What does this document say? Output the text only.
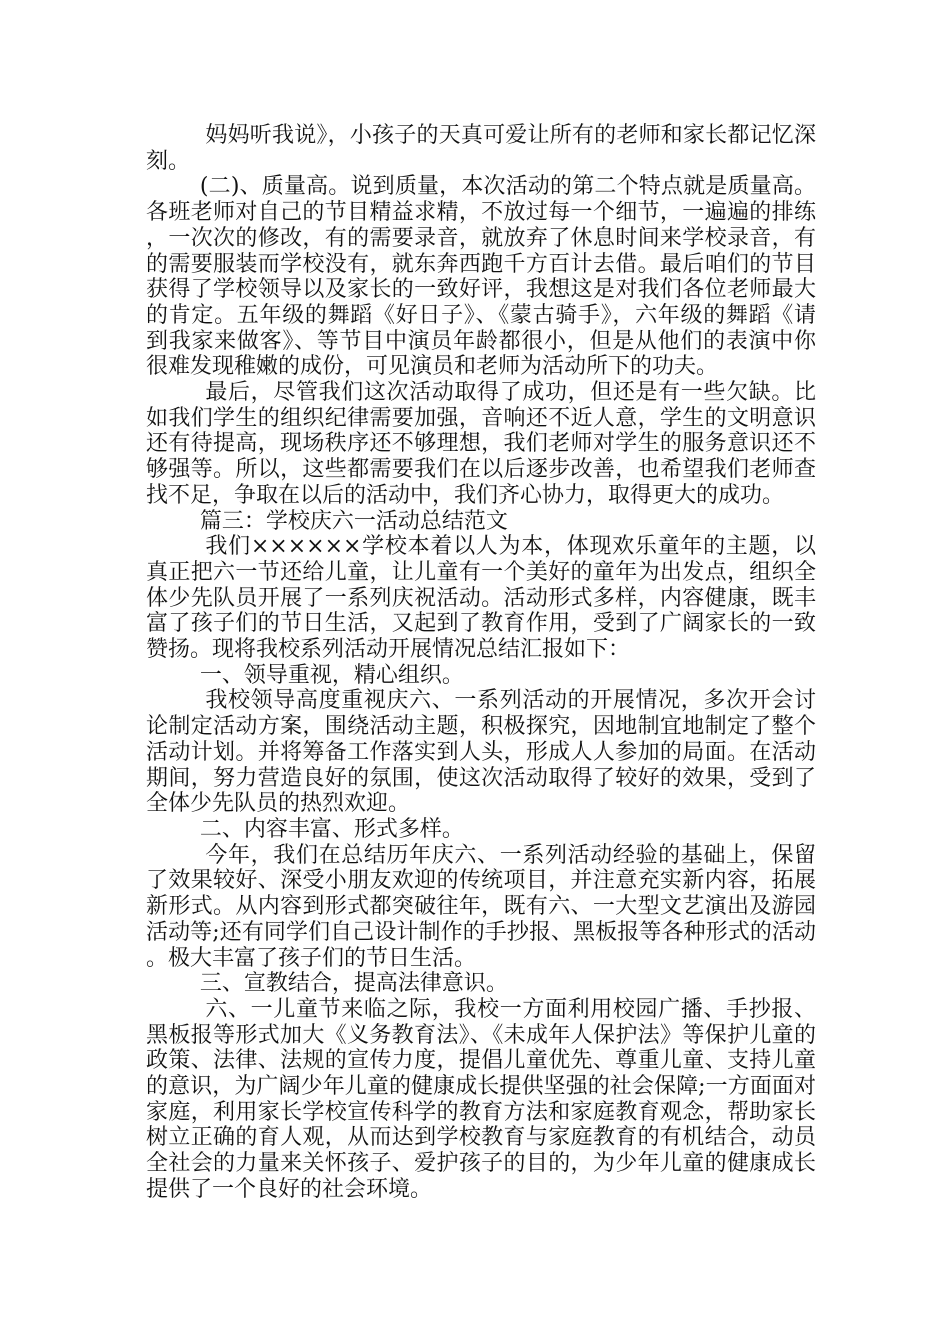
妈妈听我说》，小孩子的天真可爱让所有的老师和家长都记忆深刻。

(二)、质量高。说到质量，本次活动的第二个特点就是质量高。各班老师对自己的节目精益求精，不放过每一个细节，一遍遍的排练，一次次的修改，有的需要录音，就放弃了休息时间来学校录音，有的需要服装而学校没有，就东奔西跑千方百计去借。最后咱们的节目获得了学校领导以及家长的一致好评，我想这是对我们各位老师最大的肯定。五年级的舞蹈《好日子》、《蒙古骑手》，六年级的舞蹈《请到我家来做客》、等节目中演员年龄都很小，但是从他们的表演中你很难发现稚嫩的成份，可见演员和老师为活动所下的功夫。

最后，尽管我们这次活动取得了成功，但还是有一些欠缺。比如我们学生的组织纪律需要加强，音响还不近人意，学生的文明意识还有待提高，现场秩序还不够理想，我们老师对学生的服务意识还不够强等。所以，这些都需要我们在以后逐步改善，也希望我们老师查找不足，争取在以后的活动中，我们齐心协力，取得更大的成功。

篇三：学校庆六一活动总结范文

我们××××××学校本着以人为本，体现欢乐童年的主题，以真正把六一节还给儿童，让儿童有一个美好的童年为出发点，组织全体少先队员开展了一系列庆祝活动。活动形式多样，内容健康，既丰富了孩子们的节日生活，又起到了教育作用，受到了广阔家长的一致赞扬。现将我校系列活动开展情况总结汇报如下：

一、领导重视，精心组织。

我校领导高度重视庆六、一系列活动的开展情况，多次开会讨论制定活动方案，围绕活动主题，积极探究，因地制宜地制定了整个活动计划。并将筹备工作落实到人头，形成人人参加的局面。在活动期间，努力营造良好的氛围，使这次活动取得了较好的效果，受到了全体少先队员的热烈欢迎。

二、内容丰富、形式多样。

今年，我们在总结历年庆六、一系列活动经验的基础上，保留了效果较好、深受小朋友欢迎的传统项目，并注意充实新内容，拓展新形式。从内容到形式都突破往年，既有六、一大型文艺演出及游园活动等;还有同学们自己设计制作的手抄报、黑板报等各种形式的活动。极大丰富了孩子们的节日生活。

三、宣教结合，提高法律意识。

六、一儿童节来临之际，我校一方面利用校园广播、手抄报、黑板报等形式加大《义务教育法》、《未成年人保护法》等保护儿童的政策、法律、法规的宣传力度，提倡儿童优先、尊重儿童、支持儿童的意识，为广阔少年儿童的健康成长提供坚强的社会保障;一方面面对家庭，利用家长学校宣传科学的教育方法和家庭教育观念，帮助家长树立正确的育人观，从而达到学校教育与家庭教育的有机结合，动员全社会的力量来关怀孩子、爱护孩子的目的，为少年儿童的健康成长提供了一个良好的社会环境。
